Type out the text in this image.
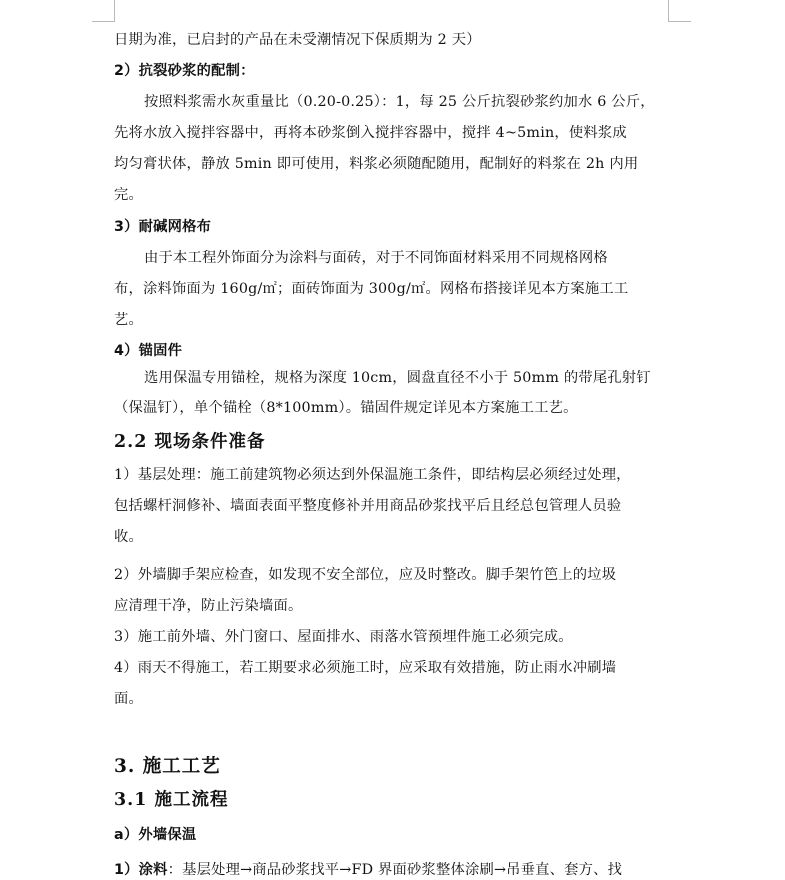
日期为准，已启封的产品在未受潮情况下保质期为 2 天）
2）抗裂砂浆的配制：
按照料浆需水灰重量比（0.20-0.25）：1，每 25 公斤抗裂砂浆约加水 6 公斤，
先将水放入搅拌容器中，再将本砂浆倒入搅拌容器中，搅拌 4~5min，使料浆成
均匀膏状体，静放 5min 即可使用，料浆必须随配随用，配制好的料浆在 2h 内用
完。
3）耐碱网格布
由于本工程外饰面分为涂料与面砖，对于不同饰面材料采用不同规格网格
布，涂料饰面为 160g/㎡；面砖饰面为 300g/㎡。网格布搭接详见本方案施工工
艺。
4）锚固件
选用保温专用锚栓，规格为深度 10cm，圆盘直径不小于 50mm 的带尾孔射钉
（保温钉），单个锚栓（8*100mm）。锚固件规定详见本方案施工工艺。
2.2 现场条件准备
1）基层处理：施工前建筑物必须达到外保温施工条件，即结构层必须经过处理，
包括螺杆洞修补、墙面表面平整度修补并用商品砂浆找平后且经总包管理人员验
收。
2）外墙脚手架应检查，如发现不安全部位，应及时整改。脚手架竹笆上的垃圾
应清理干净，防止污染墙面。
3）施工前外墙、外门窗口、屋面排水、雨落水管预埋件施工必须完成。
4）雨天不得施工，若工期要求必须施工时，应采取有效措施，防止雨水冲刷墙
面。
3. 施工工艺
3.1 施工流程
a）外墙保温
1）涂料：基层处理→商品砂浆找平→FD 界面砂浆整体涂刷→吊垂直、套方、找
